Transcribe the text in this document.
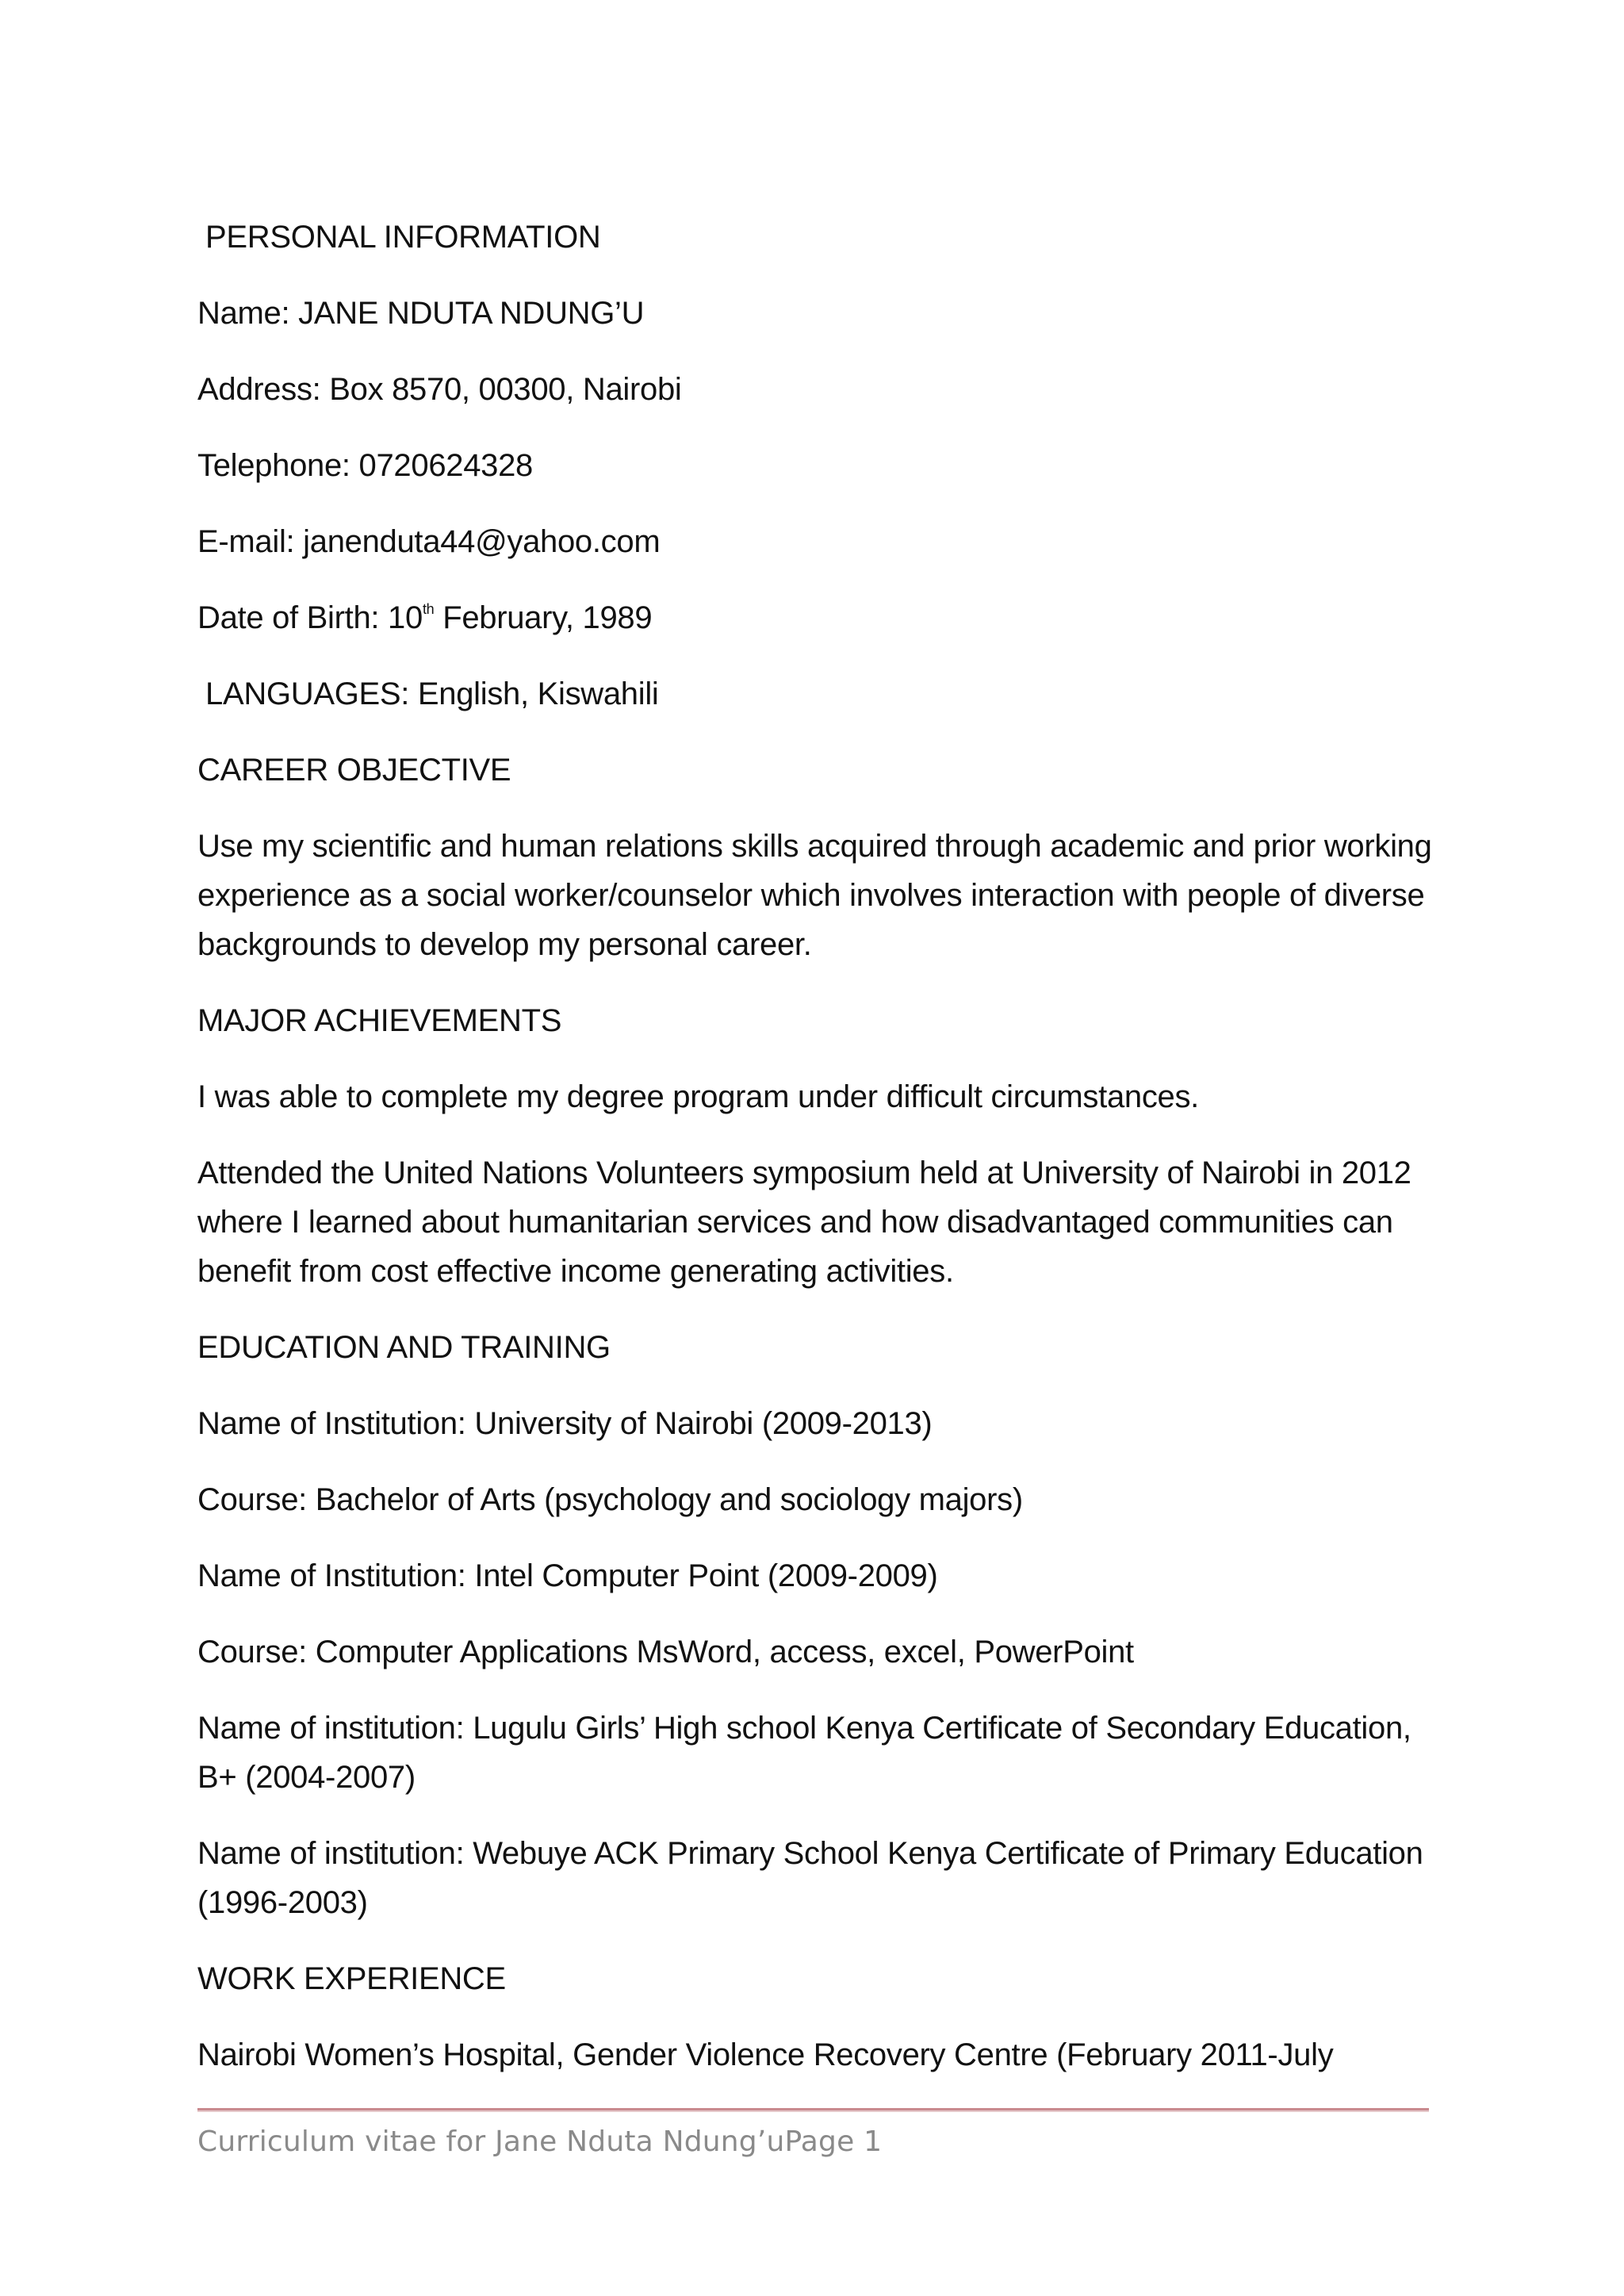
PERSONAL INFORMATION
Name: JANE NDUTA NDUNG’U
Address: Box 8570, 00300, Nairobi
Telephone: 0720624328
E-mail: janenduta44@yahoo.com
Date of Birth: 10th February, 1989
LANGUAGES: English, Kiswahili
CAREER OBJECTIVE
Use my scientific and human relations skills acquired through academic and prior working experience as a social worker/counselor which involves interaction with people of diverse backgrounds to develop my personal career.
MAJOR ACHIEVEMENTS
I was able to complete my degree program under difficult circumstances.
Attended the United Nations Volunteers symposium held at University of Nairobi in 2012 where I learned about humanitarian services and how disadvantaged communities can benefit from cost effective income generating activities.
EDUCATION AND TRAINING
Name of Institution: University of Nairobi (2009-2013)
Course: Bachelor of Arts (psychology and sociology majors)
Name of Institution: Intel Computer Point (2009-2009)
Course: Computer Applications MsWord, access, excel, PowerPoint
Name of institution: Lugulu Girls’ High school Kenya Certificate of Secondary Education, B+ (2004-2007)
Name of institution: Webuye ACK Primary School Kenya Certificate of Primary Education (1996-2003)
WORK EXPERIENCE
Nairobi Women’s Hospital, Gender Violence Recovery Centre (February 2011-July
Curriculum vitae for Jane Nduta Ndung’uPage 1
